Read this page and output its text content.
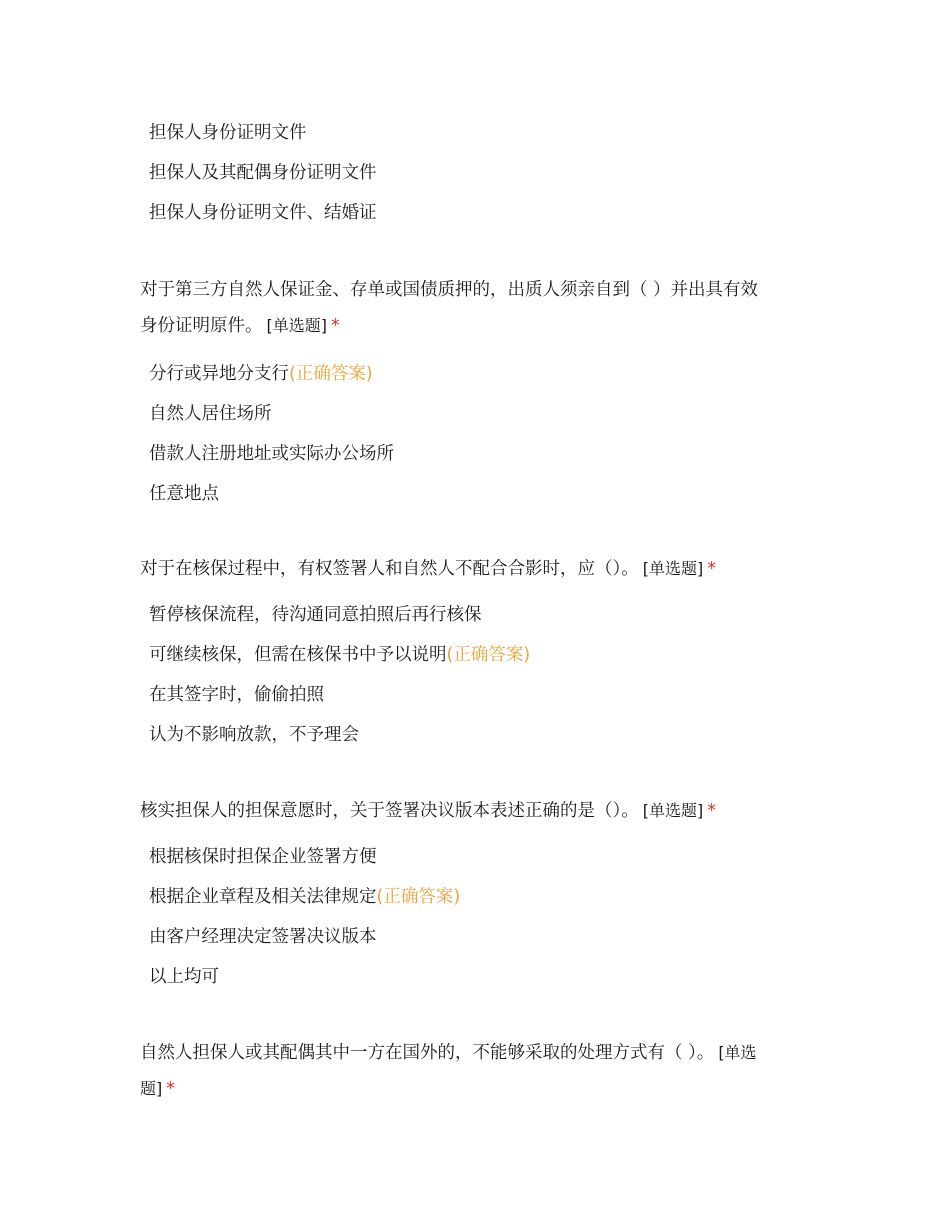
担保人身份证明文件
担保人及其配偶身份证明文件
担保人身份证明文件、结婚证
对于第三方自然人保证金、存单或国债质押的，出质人须亲自到（ ）并出具有效
身份证明原件。 [单选题] *
分行或异地分支行(正确答案)
自然人居住场所
借款人注册地址或实际办公场所
任意地点
对于在核保过程中，有权签署人和自然人不配合合影时，应（）。 [单选题] *
暂停核保流程，待沟通同意拍照后再行核保
可继续核保，但需在核保书中予以说明(正确答案)
在其签字时，偷偷拍照
认为不影响放款，不予理会
核实担保人的担保意愿时，关于签署决议版本表述正确的是（）。 [单选题] *
根据核保时担保企业签署方便
根据企业章程及相关法律规定(正确答案)
由客户经理决定签署决议版本
以上均可
自然人担保人或其配偶其中一方在国外的，不能够采取的处理方式有（ ）。 [单选
题] *
